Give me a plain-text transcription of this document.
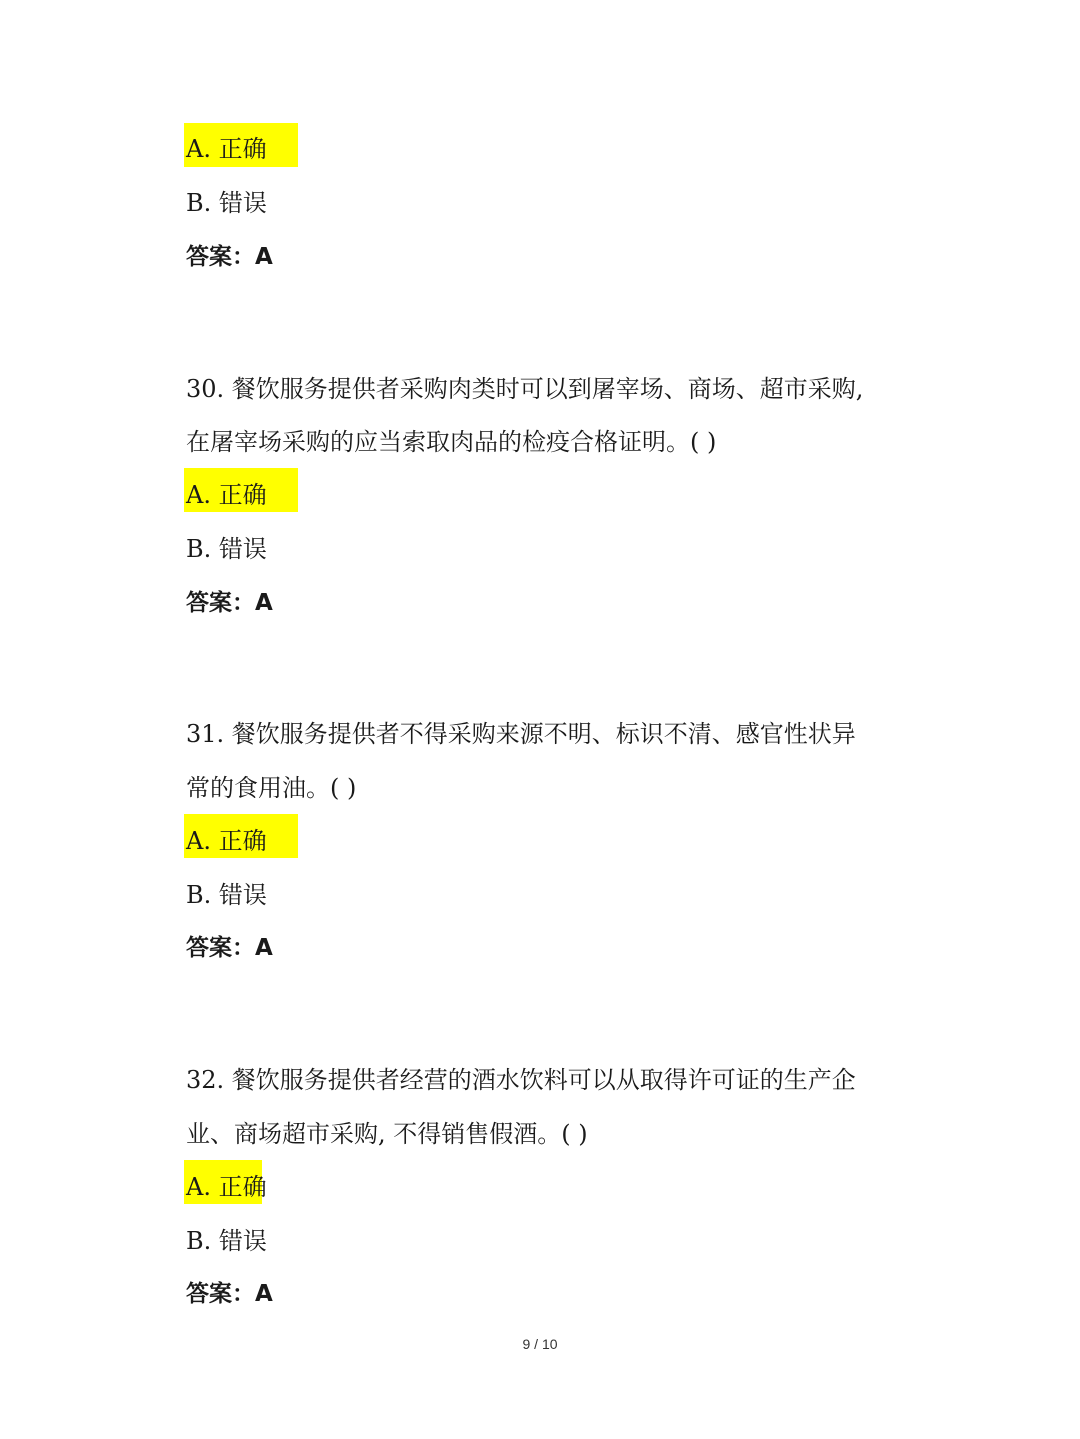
A. 正确
B. 错误
答案：A
30. 餐饮服务提供者采购肉类时可以到屠宰场、商场、超市采购,
在屠宰场采购的应当索取肉品的检疫合格证明。( )
A. 正确
B. 错误
答案：A
31. 餐饮服务提供者不得采购来源不明、标识不清、感官性状异
常的食用油。( )
A. 正确
B. 错误
答案：A
32. 餐饮服务提供者经营的酒水饮料可以从取得许可证的生产企
业、商场超市采购, 不得销售假酒。( )
A. 正确
B. 错误
答案：A
9 / 10
